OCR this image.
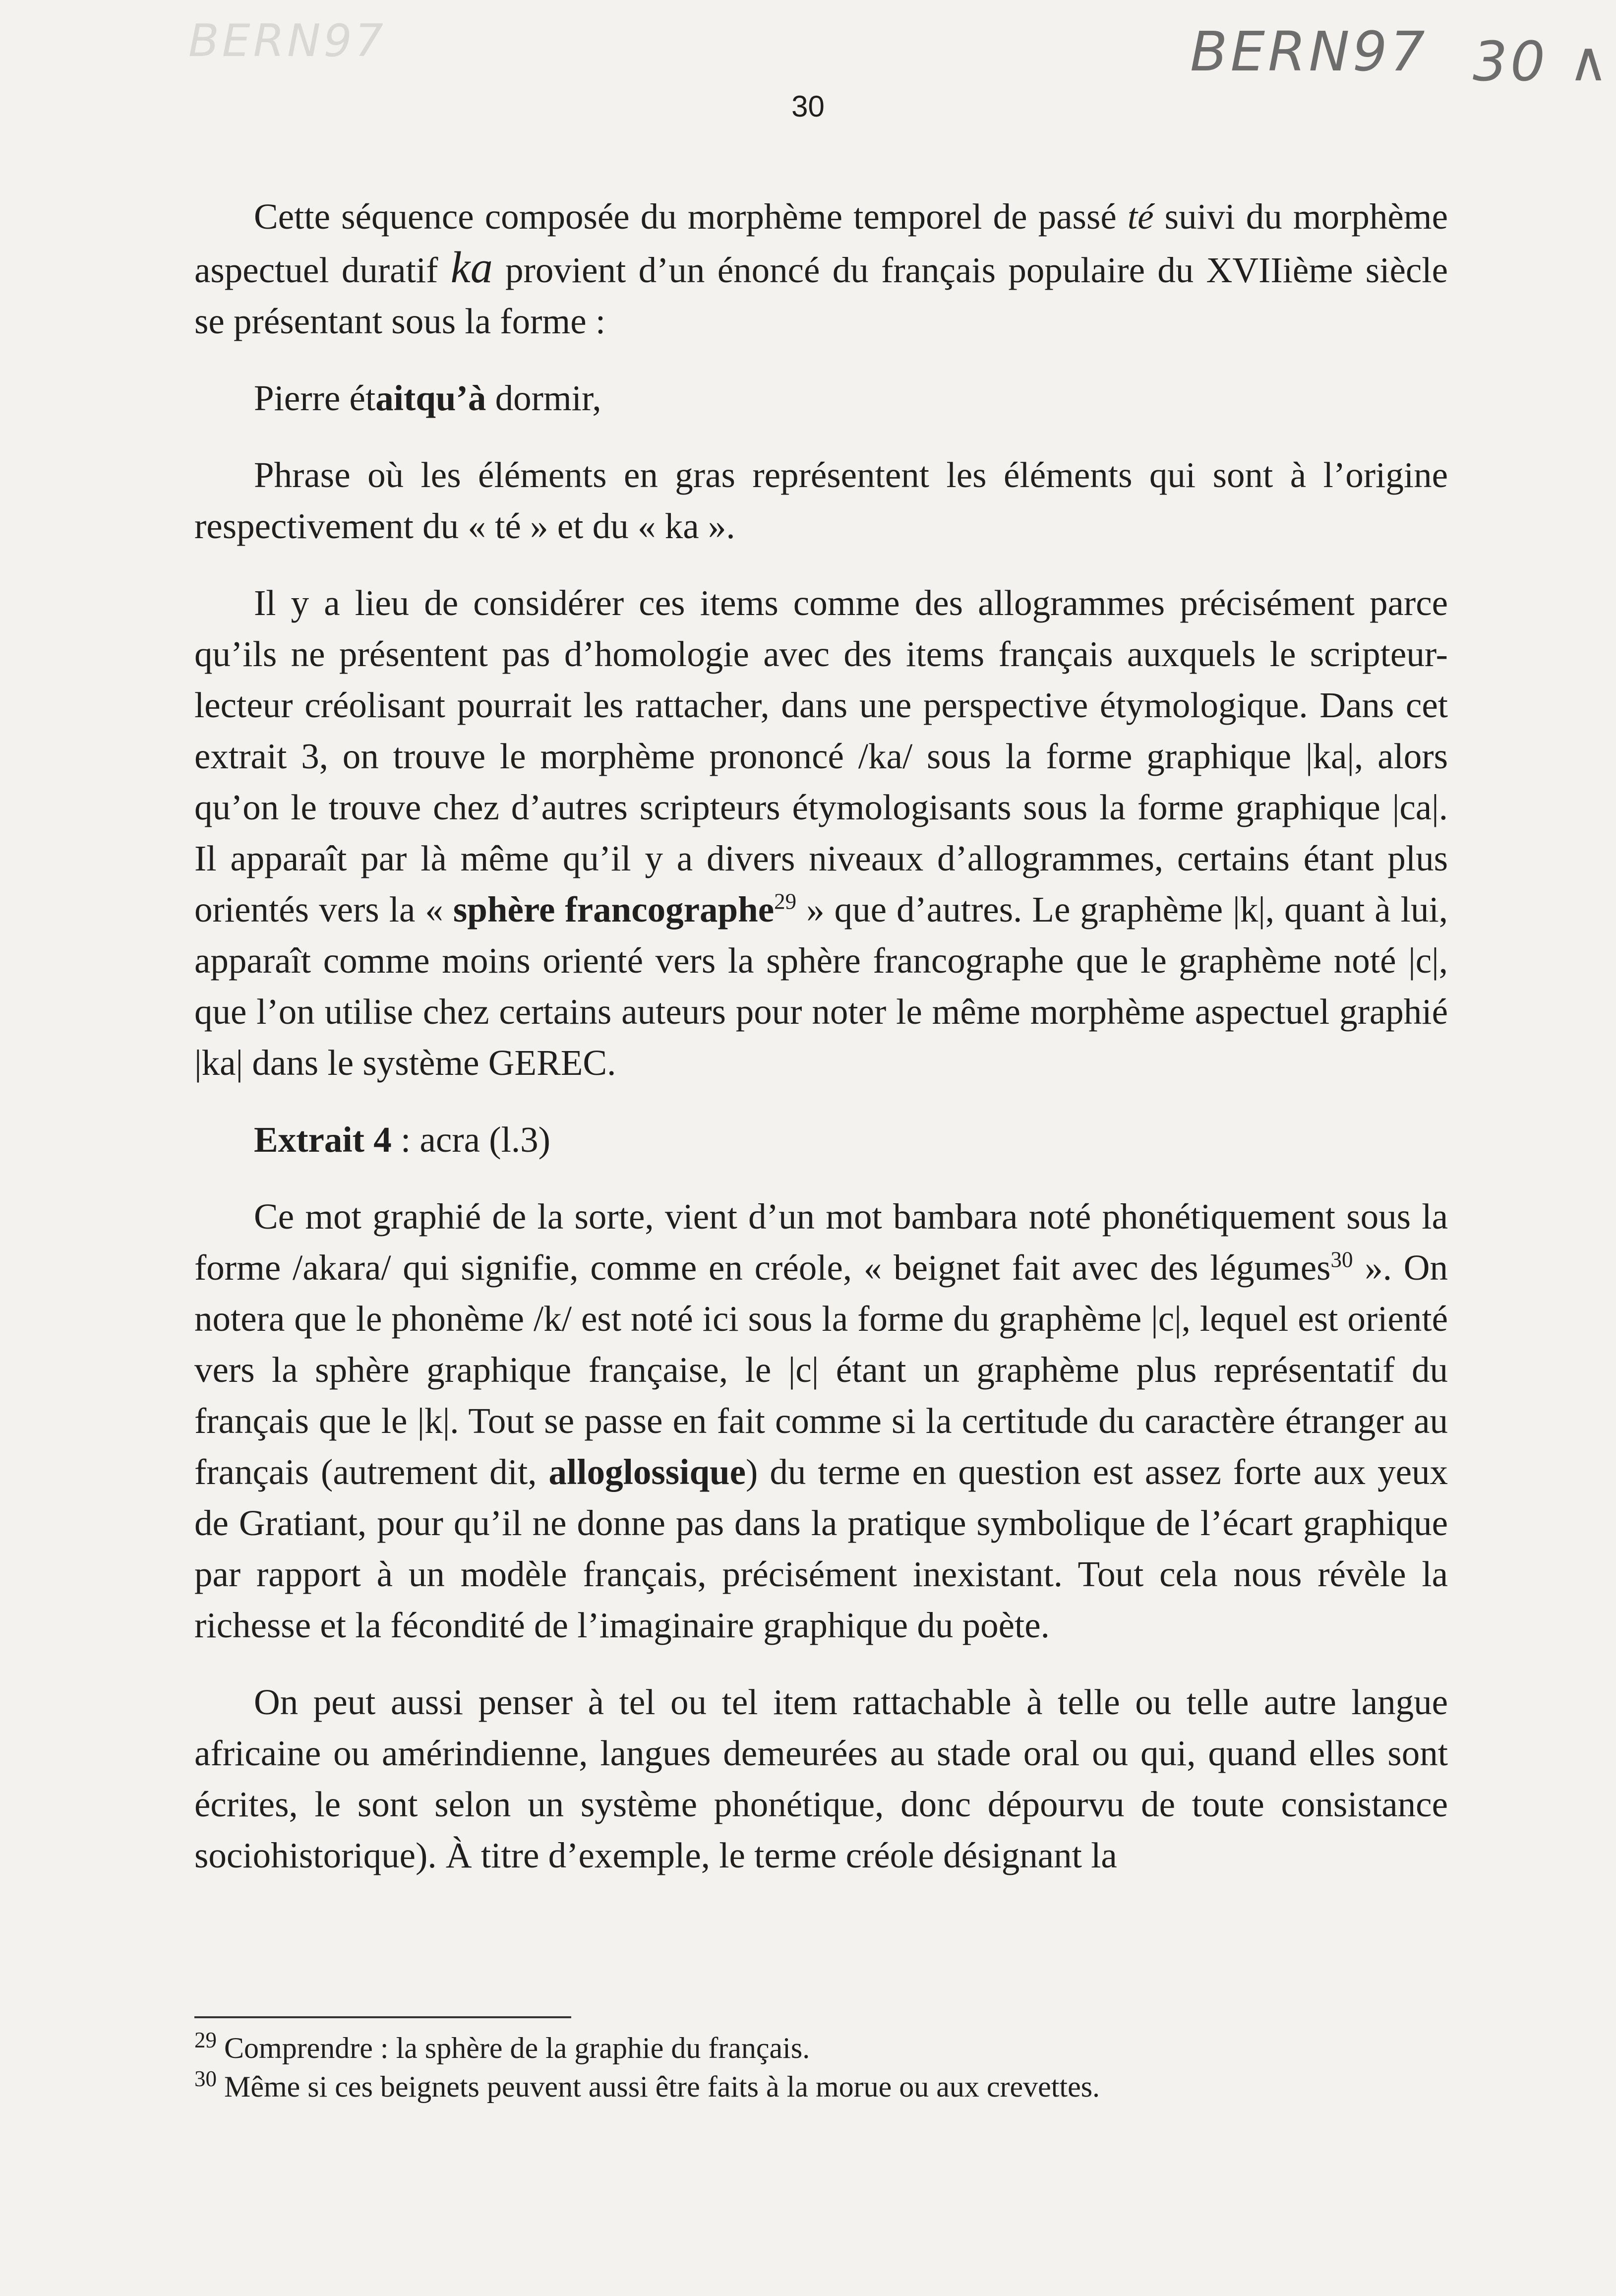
BERN97	BERN97 30 ∧
30

Cette séquence composée du morphème temporel de passé té suivi du morphème aspectuel duratif ka provient d’un énoncé du français populaire du XVIIième siècle se présentant sous la forme :

Pierre étaitqu’à dormir,

Phrase où les éléments en gras représentent les éléments qui sont à l’origine respectivement du « té » et du « ka ».

Il y a lieu de considérer ces items comme des allogrammes précisément parce qu’ils ne présentent pas d’homologie avec des items français auxquels le scripteur-lecteur créolisant pourrait les rattacher, dans une perspective étymologique. Dans cet extrait 3, on trouve le morphème prononcé /ka/ sous la forme graphique |ka|, alors qu’on le trouve chez d’autres scripteurs étymologisants sous la forme graphique |ca|. Il apparaît par là même qu’il y a divers niveaux d’allogrammes, certains étant plus orientés vers la « sphère francographe$^{29}$ » que d’autres. Le graphème |k|, quant à lui, apparaît comme moins orienté vers la sphère francographe que le graphème noté |c|, que l’on utilise chez certains auteurs pour noter le même morphème aspectuel graphié |ka| dans le système GEREC.

Extrait 4 : acra (l.3)

Ce mot graphié de la sorte, vient d’un mot bambara noté phonétiquement sous la forme /akara/ qui signifie, comme en créole, « beignet fait avec des légumes$^{30}$ ». On notera que le phonème /k/ est noté ici sous la forme du graphème |c|, lequel est orienté vers la sphère graphique française, le |c| étant un graphème plus représentatif du français que le |k|. Tout se passe en fait comme si la certitude du caractère étranger au français (autrement dit, alloglossique) du terme en question est assez forte aux yeux de Gratiant, pour qu’il ne donne pas dans la pratique symbolique de l’écart graphique par rapport à un modèle français, précisément inexistant. Tout cela nous révèle la richesse et la fécondité de l’imaginaire graphique du poète.

On peut aussi penser à tel ou tel item rattachable à telle ou telle autre langue africaine ou amérindienne, langues demeurées au stade oral ou qui, quand elles sont écrites, le sont selon un système phonétique, donc dépourvu de toute consistance sociohistorique). À titre d’exemple, le terme créole désignant la

$^{29}$ Comprendre : la sphère de la graphie du français.

$^{30}$ Même si ces beignets peuvent aussi être faits à la morue ou aux crevettes.
